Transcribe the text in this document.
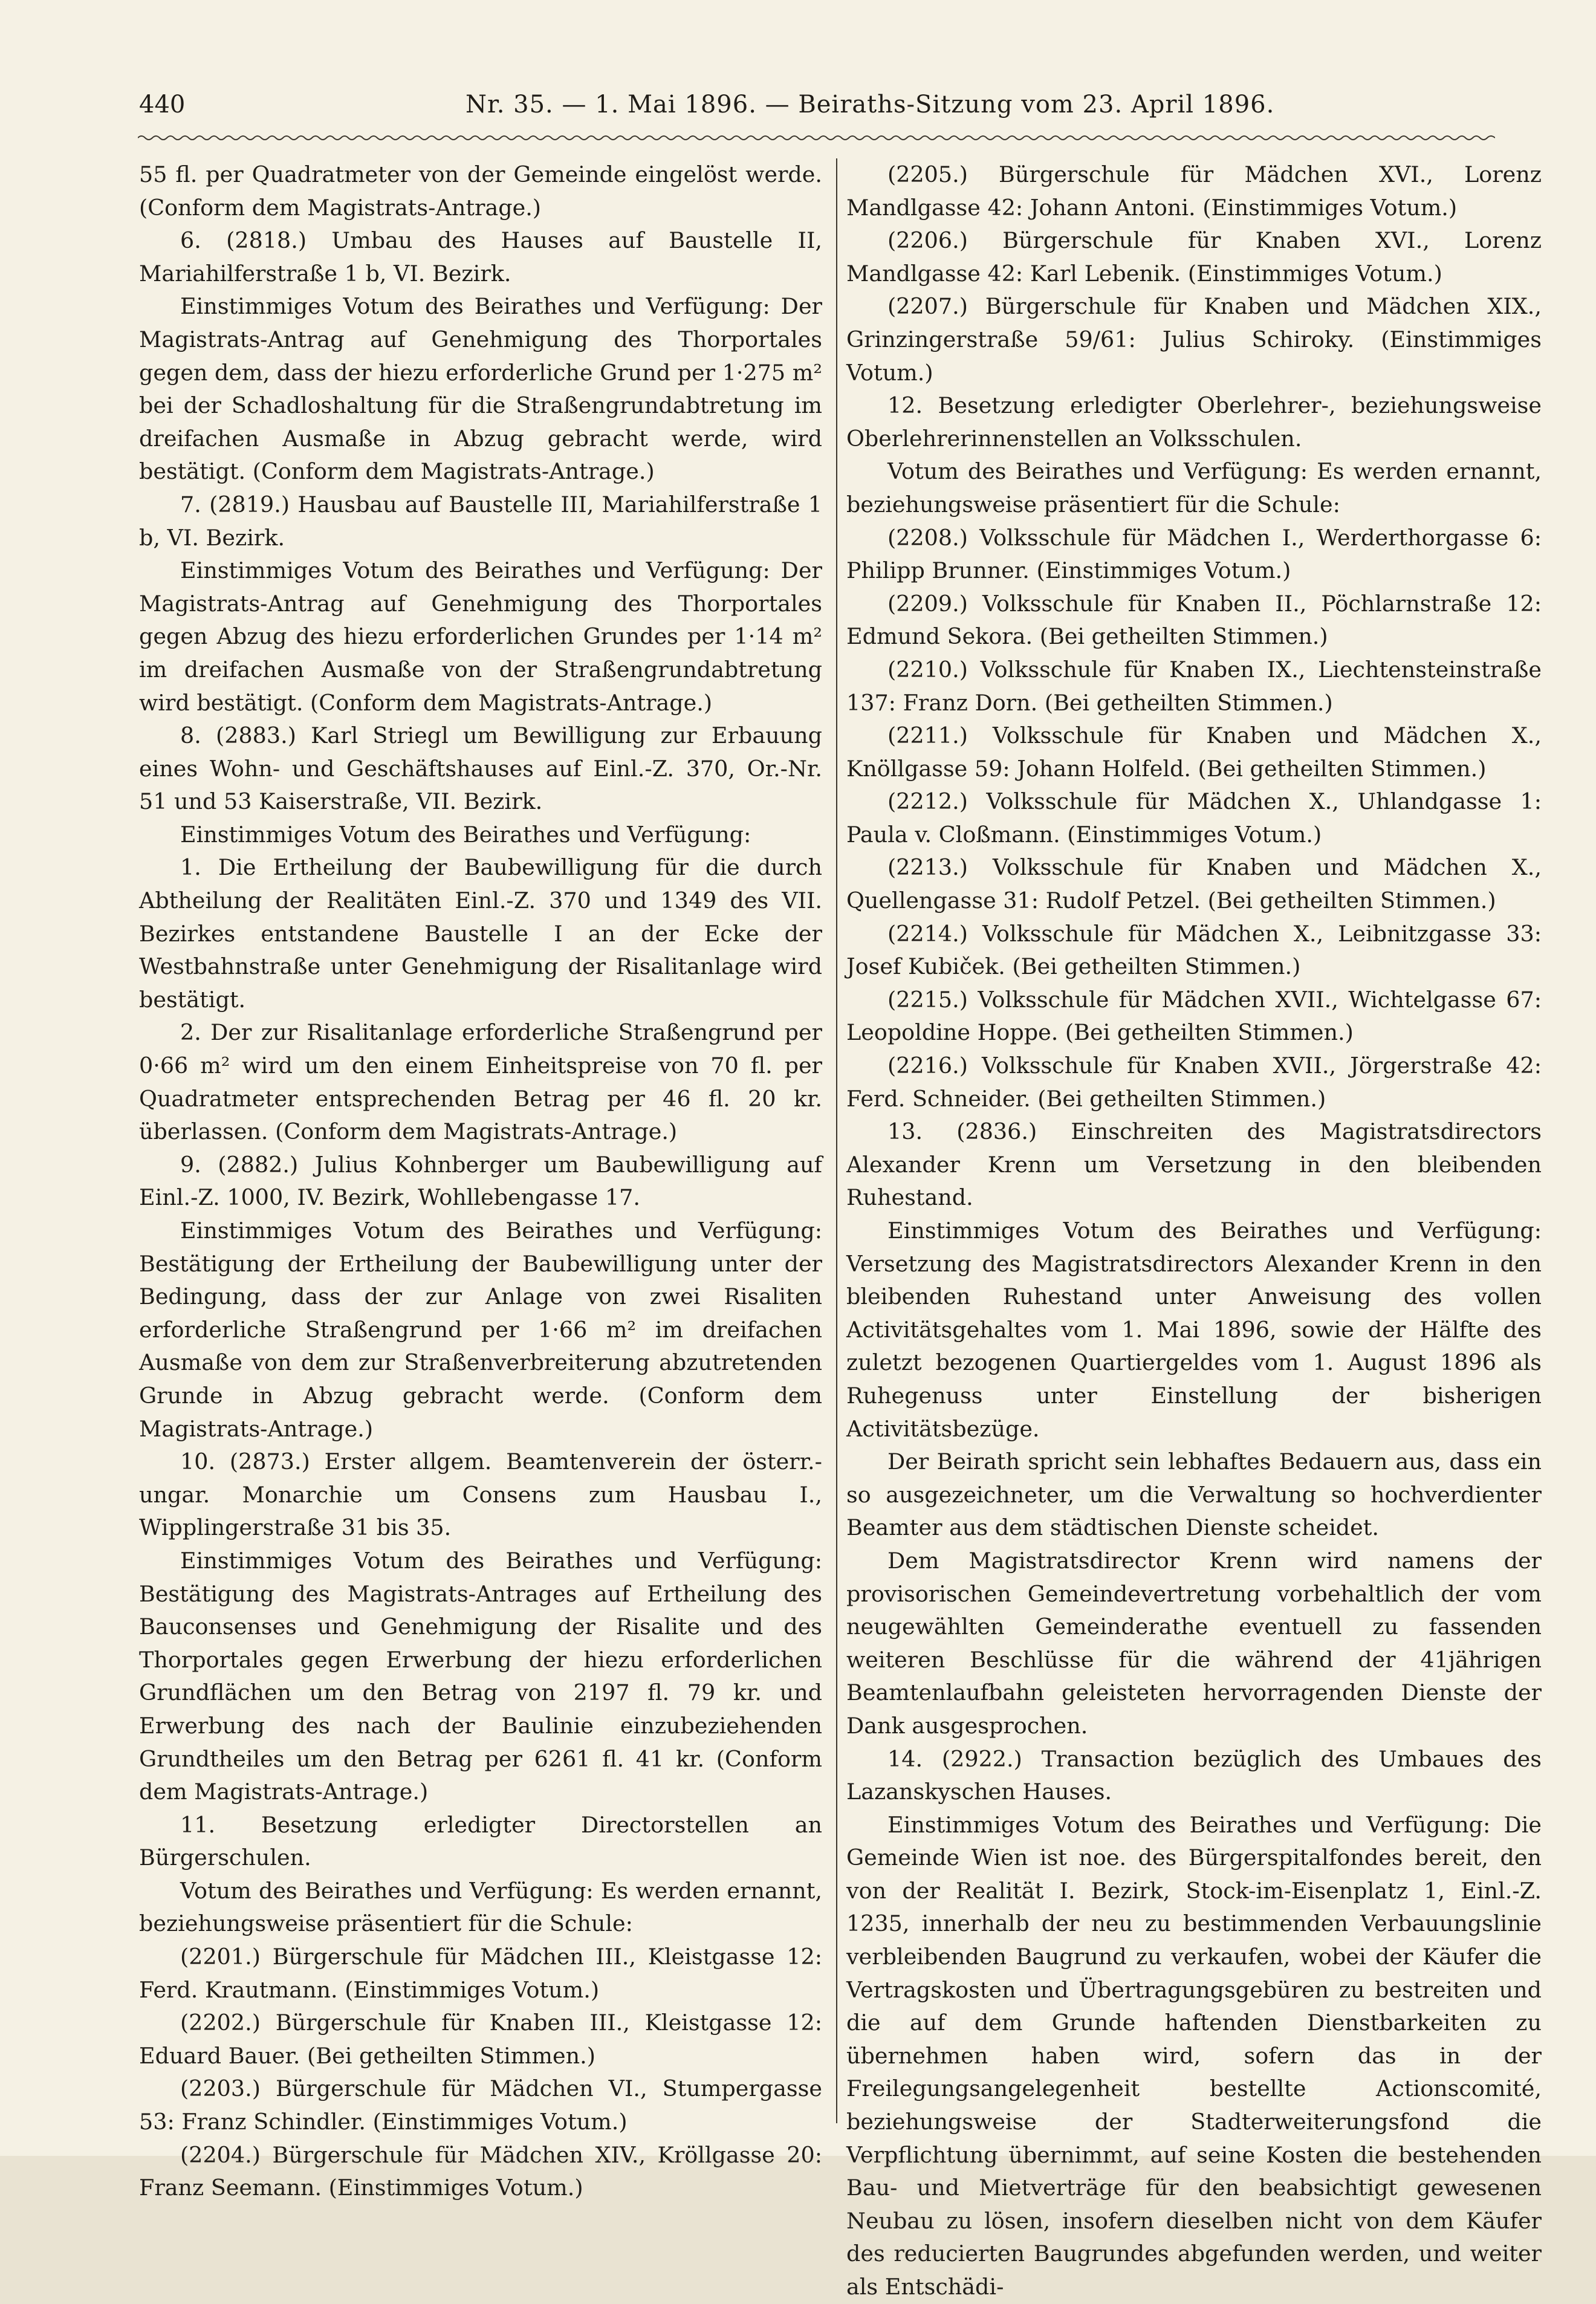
440	Nr. 35. — 1. Mai 1896. — Beiraths-Sitzung vom 23. April 1896.

55 fl. per Quadratmeter von der Gemeinde eingelöst werde. (Conform dem Magistrats-Antrage.)

6. (2818.) Umbau des Hauses auf Baustelle II, Mariahilferstraße 1 b, VI. Bezirk.

Einstimmiges Votum des Beirathes und Verfügung: Der Magistrats-Antrag auf Genehmigung des Thorportales gegen dem, dass der hiezu erforderliche Grund per 1·275 m² bei der Schadloshaltung für die Straßengrundabtretung im dreifachen Ausmaße in Abzug gebracht werde, wird bestätigt. (Conform dem Magistrats-Antrage.)

7. (2819.) Hausbau auf Baustelle III, Mariahilferstraße 1 b, VI. Bezirk.

Einstimmiges Votum des Beirathes und Verfügung: Der Magistrats-Antrag auf Genehmigung des Thorportales gegen Abzug des hiezu erforderlichen Grundes per 1·14 m² im dreifachen Ausmaße von der Straßengrundabtretung wird bestätigt. (Conform dem Magistrats-Antrage.)

8. (2883.) Karl Striegl um Bewilligung zur Erbauung eines Wohn- und Geschäftshauses auf Einl.-Z. 370, Or.-Nr. 51 und 53 Kaiserstraße, VII. Bezirk.

Einstimmiges Votum des Beirathes und Verfügung:

1. Die Ertheilung der Baubewilligung für die durch Abtheilung der Realitäten Einl.-Z. 370 und 1349 des VII. Bezirkes entstandene Baustelle I an der Ecke der Westbahnstraße unter Genehmigung der Risalitanlage wird bestätigt.

2. Der zur Risalitanlage erforderliche Straßengrund per 0·66 m² wird um den einem Einheitspreise von 70 fl. per Quadratmeter entsprechenden Betrag per 46 fl. 20 kr. überlassen. (Conform dem Magistrats-Antrage.)

9. (2882.) Julius Kohnberger um Baubewilligung auf Einl.-Z. 1000, IV. Bezirk, Wohllebengasse 17.

Einstimmiges Votum des Beirathes und Verfügung: Bestätigung der Ertheilung der Baubewilligung unter der Bedingung, dass der zur Anlage von zwei Risaliten erforderliche Straßengrund per 1·66 m² im dreifachen Ausmaße von dem zur Straßenverbreiterung abzutretenden Grunde in Abzug gebracht werde. (Conform dem Magistrats-Antrage.)

10. (2873.) Erster allgem. Beamtenverein der österr.-ungar. Monarchie um Consens zum Hausbau I., Wipplingerstraße 31 bis 35.

Einstimmiges Votum des Beirathes und Verfügung: Bestätigung des Magistrats-Antrages auf Ertheilung des Bauconsenses und Genehmigung der Risalite und des Thorportales gegen Erwerbung der hiezu erforderlichen Grundflächen um den Betrag von 2197 fl. 79 kr. und Erwerbung des nach der Baulinie einzubeziehenden Grundtheiles um den Betrag per 6261 fl. 41 kr. (Conform dem Magistrats-Antrage.)

11. Besetzung erledigter Directorstellen an Bürgerschulen.

Votum des Beirathes und Verfügung: Es werden ernannt, beziehungsweise präsentiert für die Schule:

(2201.) Bürgerschule für Mädchen III., Kleistgasse 12: Ferd. Krautmann. (Einstimmiges Votum.)

(2202.) Bürgerschule für Knaben III., Kleistgasse 12: Eduard Bauer. (Bei getheilten Stimmen.)

(2203.) Bürgerschule für Mädchen VI., Stumpergasse 53: Franz Schindler. (Einstimmiges Votum.)

(2204.) Bürgerschule für Mädchen XIV., Kröllgasse 20: Franz Seemann. (Einstimmiges Votum.)

(2205.) Bürgerschule für Mädchen XVI., Lorenz Mandlgasse 42: Johann Antoni. (Einstimmiges Votum.)

(2206.) Bürgerschule für Knaben XVI., Lorenz Mandlgasse 42: Karl Lebenik. (Einstimmiges Votum.)

(2207.) Bürgerschule für Knaben und Mädchen XIX., Grinzingerstraße 59/61: Julius Schiroky. (Einstimmiges Votum.)

12. Besetzung erledigter Oberlehrer-, beziehungsweise Oberlehrerinnenstellen an Volksschulen.

Votum des Beirathes und Verfügung: Es werden ernannt, beziehungsweise präsentiert für die Schule:

(2208.) Volksschule für Mädchen I., Werderthorgasse 6: Philipp Brunner. (Einstimmiges Votum.)

(2209.) Volksschule für Knaben II., Pöchlarnstraße 12: Edmund Sekora. (Bei getheilten Stimmen.)

(2210.) Volksschule für Knaben IX., Liechtensteinstraße 137: Franz Dorn. (Bei getheilten Stimmen.)

(2211.) Volksschule für Knaben und Mädchen X., Knöllgasse 59: Johann Holfeld. (Bei getheilten Stimmen.)

(2212.) Volksschule für Mädchen X., Uhlandgasse 1: Paula v. Cloßmann. (Einstimmiges Votum.)

(2213.) Volksschule für Knaben und Mädchen X., Quellengasse 31: Rudolf Petzel. (Bei getheilten Stimmen.)

(2214.) Volksschule für Mädchen X., Leibnitzgasse 33: Josef Kubiček. (Bei getheilten Stimmen.)

(2215.) Volksschule für Mädchen XVII., Wichtelgasse 67: Leopoldine Hoppe. (Bei getheilten Stimmen.)

(2216.) Volksschule für Knaben XVII., Jörgerstraße 42: Ferd. Schneider. (Bei getheilten Stimmen.)

13. (2836.) Einschreiten des Magistratsdirectors Alexander Krenn um Versetzung in den bleibenden Ruhestand.

Einstimmiges Votum des Beirathes und Verfügung: Versetzung des Magistratsdirectors Alexander Krenn in den bleibenden Ruhestand unter Anweisung des vollen Activitätsgehaltes vom 1. Mai 1896, sowie der Hälfte des zuletzt bezogenen Quartiergeldes vom 1. August 1896 als Ruhegenuss unter Einstellung der bisherigen Activitätsbezüge.

Der Beirath spricht sein lebhaftes Bedauern aus, dass ein so ausgezeichneter, um die Verwaltung so hochverdienter Beamter aus dem städtischen Dienste scheidet.

Dem Magistratsdirector Krenn wird namens der provisorischen Gemeindevertretung vorbehaltlich der vom neugewählten Gemeinderathe eventuell zu fassenden weiteren Beschlüsse für die während der 41jährigen Beamtenlaufbahn geleisteten hervorragenden Dienste der Dank ausgesprochen.

14. (2922.) Transaction bezüglich des Umbaues des Lazanskyschen Hauses.

Einstimmiges Votum des Beirathes und Verfügung: Die Gemeinde Wien ist noe. des Bürgerspitalfondes bereit, den von der Realität I. Bezirk, Stock-im-Eisenplatz 1, Einl.-Z. 1235, innerhalb der neu zu bestimmenden Verbauungslinie verbleibenden Baugrund zu verkaufen, wobei der Käufer die Vertragskosten und Übertragungsgebüren zu bestreiten und die auf dem Grunde haftenden Dienstbarkeiten zu übernehmen haben wird, sofern das in der Freilegungsangelegenheit bestellte Actionscomité, beziehungsweise der Stadterweiterungsfond die Verpflichtung übernimmt, auf seine Kosten die bestehenden Bau- und Mietverträge für den beabsichtigt gewesenen Neubau zu lösen, insofern dieselben nicht von dem Käufer des reducierten Baugrundes abgefunden werden, und weiter als Entschädi-
